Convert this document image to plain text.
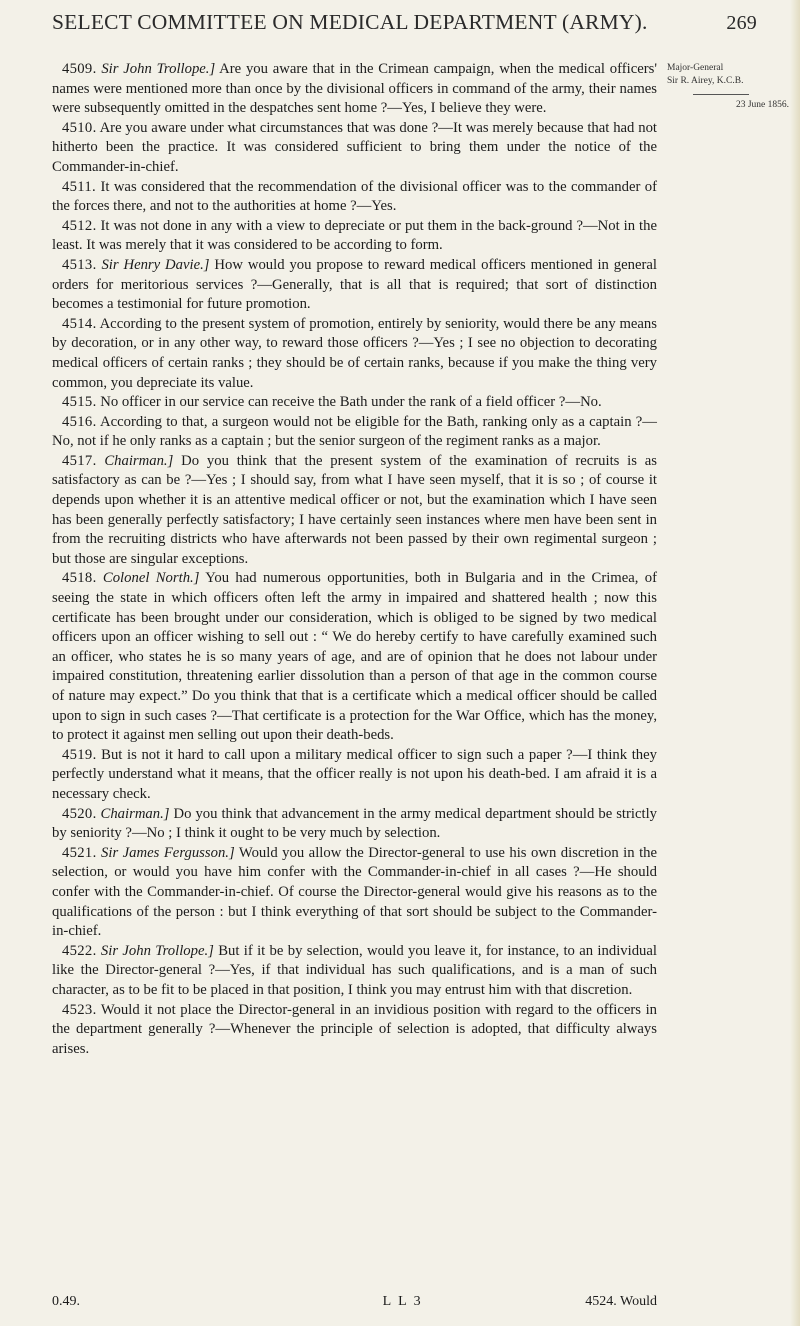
SELECT COMMITTEE ON MEDICAL DEPARTMENT (ARMY).	269
Major-General
Sir R. Airey, K.C.B.
23 June 1856.

4509. Sir John Trollope.] Are you aware that in the Crimean campaign, when the medical officers' names were mentioned more than once by the divisional officers in command of the army, their names were subsequently omitted in the despatches sent home ?—Yes, I believe they were.

4510. Are you aware under what circumstances that was done ?—It was merely because that had not hitherto been the practice. It was considered sufficient to bring them under the notice of the Commander-in-chief.

4511. It was considered that the recommendation of the divisional officer was to the commander of the forces there, and not to the authorities at home ?—Yes.

4512. It was not done in any with a view to depreciate or put them in the back-ground ?—Not in the least. It was merely that it was considered to be according to form.

4513. Sir Henry Davie.] How would you propose to reward medical officers mentioned in general orders for meritorious services ?—Generally, that is all that is required; that sort of distinction becomes a testimonial for future promotion.

4514. According to the present system of promotion, entirely by seniority, would there be any means by decoration, or in any other way, to reward those officers ?—Yes ; I see no objection to decorating medical officers of certain ranks ; they should be of certain ranks, because if you make the thing very common, you depreciate its value.

4515. No officer in our service can receive the Bath under the rank of a field officer ?—No.

4516. According to that, a surgeon would not be eligible for the Bath, ranking only as a captain ?—No, not if he only ranks as a captain ; but the senior surgeon of the regiment ranks as a major.

4517. Chairman.] Do you think that the present system of the examination of recruits is as satisfactory as can be ?—Yes ; I should say, from what I have seen myself, that it is so ; of course it depends upon whether it is an attentive medical officer or not, but the examination which I have seen has been generally perfectly satisfactory; I have certainly seen instances where men have been sent in from the recruiting districts who have afterwards not been passed by their own regimental surgeon ; but those are singular exceptions.

4518. Colonel North.] You had numerous opportunities, both in Bulgaria and in the Crimea, of seeing the state in which officers often left the army in impaired and shattered health ; now this certificate has been brought under our consideration, which is obliged to be signed by two medical officers upon an officer wishing to sell out : “ We do hereby certify to have carefully examined such an officer, who states he is so many years of age, and are of opinion that he does not labour under impaired constitution, threatening earlier dissolution than a person of that age in the common course of nature may expect.” Do you think that that is a certificate which a medical officer should be called upon to sign in such cases ?—That certificate is a protection for the War Office, which has the money, to protect it against men selling out upon their death-beds.

4519. But is not it hard to call upon a military medical officer to sign such a paper ?—I think they perfectly understand what it means, that the officer really is not upon his death-bed. I am afraid it is a necessary check.

4520. Chairman.] Do you think that advancement in the army medical department should be strictly by seniority ?—No ; I think it ought to be very much by selection.

4521. Sir James Fergusson.] Would you allow the Director-general to use his own discretion in the selection, or would you have him confer with the Commander-in-chief in all cases ?—He should confer with the Commander-in-chief. Of course the Director-general would give his reasons as to the qualifications of the person : but I think everything of that sort should be subject to the Commander-in-chief.

4522. Sir John Trollope.] But if it be by selection, would you leave it, for instance, to an individual like the Director-general ?—Yes, if that individual has such qualifications, and is a man of such character, as to be fit to be placed in that position, I think you may entrust him with that discretion.

4523. Would it not place the Director-general in an invidious position with regard to the officers in the department generally ?—Whenever the principle of selection is adopted, that difficulty always arises.

0.49.	L L 3	4524. Would
